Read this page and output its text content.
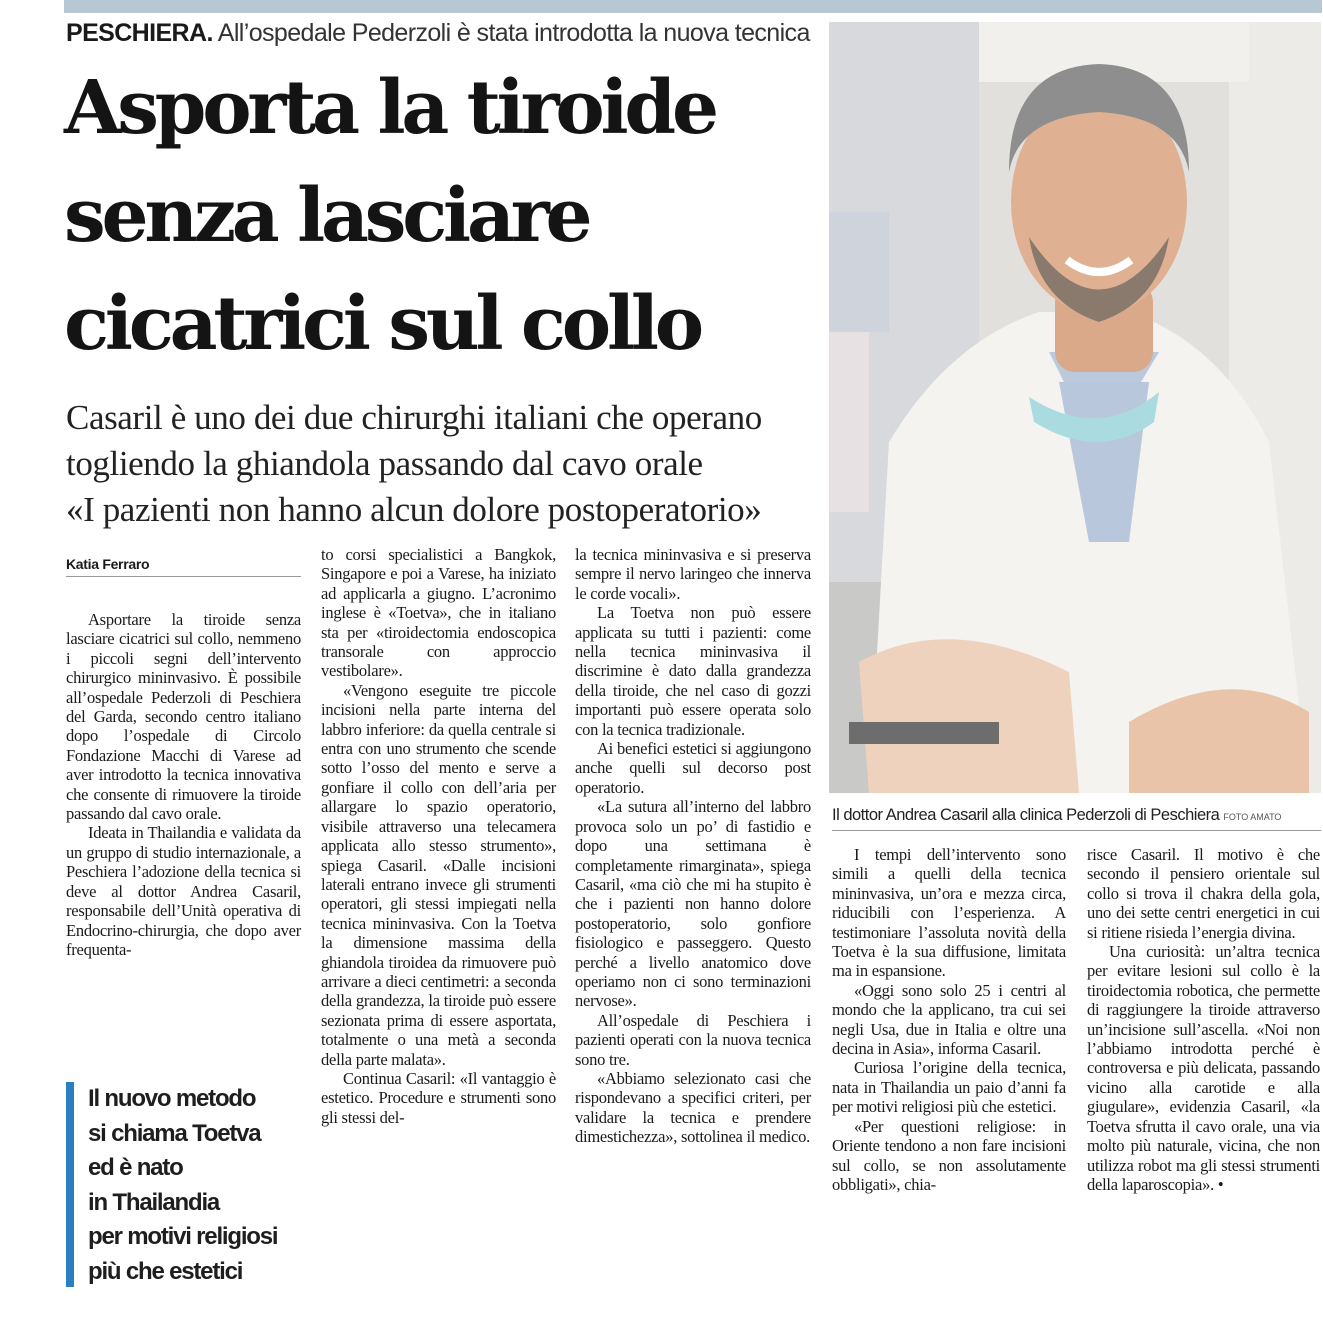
PESCHIERA. All’ospedale Pederzoli è stata introdotta la nuova tecnica
Asporta la tiroide
senza lasciare
cicatrici sul collo
Casaril è uno dei due chirurghi italiani che operano
togliendo la ghiandola passando dal cavo orale
«I pazienti non hanno alcun dolore postoperatorio»
Il dottor Andrea Casaril alla clinica Pederzoli di Peschiera FOTO AMATO
Katia Ferraro

Asportare la tiroide senza lasciare cicatrici sul collo, nemmeno i piccoli segni dell’intervento chirurgico mininvasivo. È possibile all’ospedale Pederzoli di Peschiera del Garda, secondo centro italiano dopo l’ospedale di Circolo Fondazione Macchi di Varese ad aver introdotto la tecnica innovativa che consente di rimuovere la tiroide passando dal cavo orale.

Ideata in Thailandia e validata da un gruppo di studio internazionale, a Peschiera l’adozione della tecnica si deve al dottor Andrea Casaril, responsabile dell’Unità operativa di Endocrino-chirurgia, che dopo aver frequenta-

to corsi specialistici a Bangkok, Singapore e poi a Varese, ha iniziato ad applicarla a giugno. L’acronimo inglese è «Toetva», che in italiano sta per «tiroidectomia endoscopica transorale con approccio vestibolare».

«Vengono eseguite tre piccole incisioni nella parte interna del labbro inferiore: da quella centrale si entra con uno strumento che scende sotto l’osso del mento e serve a gonfiare il collo con dell’aria per allargare lo spazio operatorio, visibile attraverso una telecamera applicata allo stesso strumento», spiega Casaril. «Dalle incisioni laterali entrano invece gli strumenti operatori, gli stessi impiegati nella tecnica mininvasiva. Con la Toetva la dimensione massima della ghiandola tiroidea da rimuovere può arrivare a dieci centimetri: a seconda della grandezza, la tiroide può essere sezionata prima di essere asportata, totalmente o una metà a seconda della parte malata».

Continua Casaril: «Il vantaggio è estetico. Procedure e strumenti sono gli stessi del-

la tecnica mininvasiva e si preserva sempre il nervo laringeo che innerva le corde vocali».

La Toetva non può essere applicata su tutti i pazienti: come nella tecnica mininvasiva il discrimine è dato dalla grandezza della tiroide, che nel caso di gozzi importanti può essere operata solo con la tecnica tradizionale.

Ai benefici estetici si aggiungono anche quelli sul decorso post operatorio.

«La sutura all’interno del labbro provoca solo un po’ di fastidio e dopo una settimana è completamente rimarginata», spiega Casaril, «ma ciò che mi ha stupito è che i pazienti non hanno dolore postoperatorio, solo gonfiore fisiologico e passeggero. Questo perché a livello anatomico dove operiamo non ci sono terminazioni nervose».

All’ospedale di Peschiera i pazienti operati con la nuova tecnica sono tre.

«Abbiamo selezionato casi che rispondevano a specifici criteri, per validare la tecnica e prendere dimestichezza», sottolinea il medico.

I tempi dell’intervento sono simili a quelli della tecnica mininvasiva, un’ora e mezza circa, riducibili con l’esperienza. A testimoniare l’assoluta novità della Toetva è la sua diffusione, limitata ma in espansione.

«Oggi sono solo 25 i centri al mondo che la applicano, tra cui sei negli Usa, due in Italia e oltre una decina in Asia», informa Casaril.

Curiosa l’origine della tecnica, nata in Thailandia un paio d’anni fa per motivi religiosi più che estetici.

«Per questioni religiose: in Oriente tendono a non fare incisioni sul collo, se non assolutamente obbligati», chia-

risce Casaril. Il motivo è che secondo il pensiero orientale sul collo si trova il chakra della gola, uno dei sette centri energetici in cui si ritiene risieda l’energia divina.

Una curiosità: un’altra tecnica per evitare lesioni sul collo è la tiroidectomia robotica, che permette di raggiungere la tiroide attraverso un’incisione sull’ascella. «Noi non l’abbiamo introdotta perché è controversa e più delicata, passando vicino alla carotide e alla giugulare», evidenzia Casaril, «la Toetva sfrutta il cavo orale, una via molto più naturale, vicina, che non utilizza robot ma gli stessi strumenti della laparoscopia». •

Il nuovo metodo
si chiama Toetva
ed è nato
in Thailandia
per motivi religiosi
più che estetici
